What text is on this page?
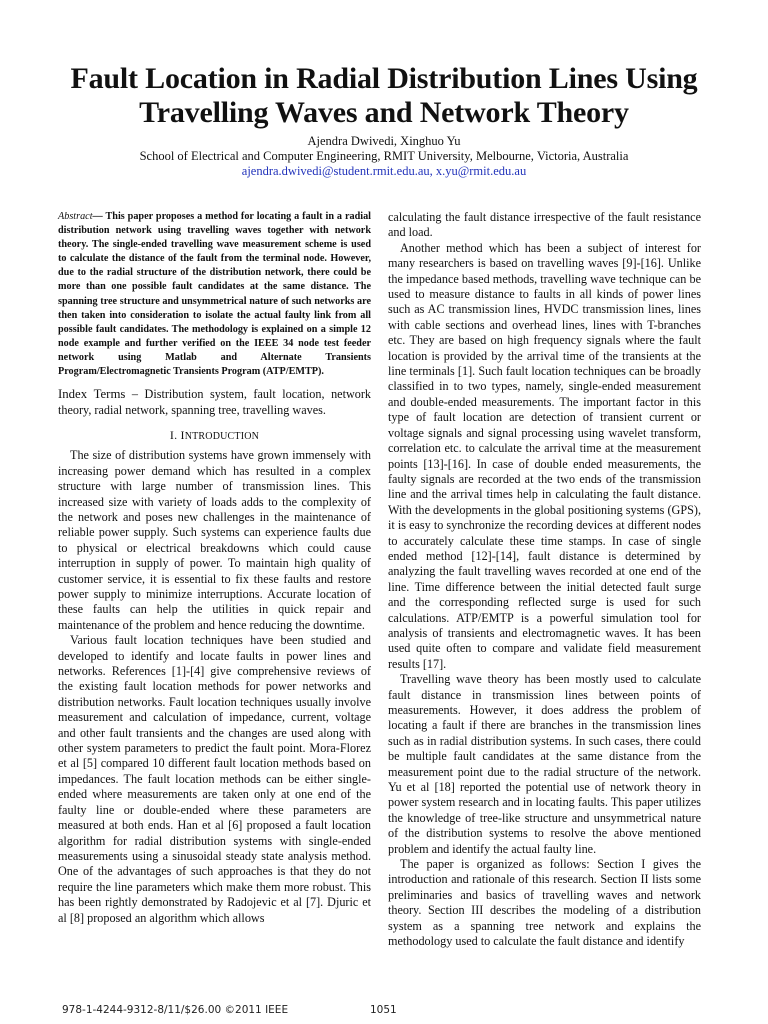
Fault Location in Radial Distribution Lines Using
Travelling Waves and Network Theory
Ajendra Dwivedi, Xinghuo Yu
School of Electrical and Computer Engineering, RMIT University, Melbourne, Victoria, Australia
ajendra.dwivedi@student.rmit.edu.au, x.yu@rmit.edu.au
Abstract— This paper proposes a method for locating a fault in a radial distribution network using travelling waves together with network theory. The single-ended travelling wave measurement scheme is used to calculate the distance of the fault from the terminal node. However, due to the radial structure of the distribution network, there could be more than one possible fault candidates at the same distance. The spanning tree structure and unsymmetrical nature of such networks are then taken into consideration to isolate the actual faulty link from all possible fault candidates. The methodology is explained on a simple 12 node example and further verified on the IEEE 34 node test feeder network using Matlab and Alternate Transients Program/Electromagnetic Transients Program (ATP/EMTP).
Index Terms – Distribution system, fault location, network theory, radial network, spanning tree, travelling waves.
I. INTRODUCTION

The size of distribution systems have grown immensely with increasing power demand which has resulted in a complex structure with large number of transmission lines. This increased size with variety of loads adds to the complexity of the network and poses new challenges in the maintenance of reliable power supply. Such systems can experience faults due to physical or electrical breakdowns which could cause interruption in supply of power. To maintain high quality of customer service, it is essential to fix these faults and restore power supply to minimize interruptions. Accurate location of these faults can help the utilities in quick repair and maintenance of the problem and hence reducing the downtime.

Various fault location techniques have been studied and developed to identify and locate faults in power lines and networks. References [1]-[4] give comprehensive reviews of the existing fault location methods for power networks and distribution networks. Fault location techniques usually involve measurement and calculation of impedance, current, voltage and other fault transients and the changes are used along with other system parameters to predict the fault point. Mora-Florez et al [5] compared 10 different fault location methods based on impedances. The fault location methods can be either single-ended where measurements are taken only at one end of the faulty line or double-ended where these parameters are measured at both ends. Han et al [6] proposed a fault location algorithm for radial distribution systems with single-ended measurements using a sinusoidal steady state analysis method. One of the advantages of such approaches is that they do not require the line parameters which make them more robust. This has been rightly demonstrated by Radojevic et al [7]. Djuric et al [8] proposed an algorithm which allows

calculating the fault distance irrespective of the fault resistance and load.

Another method which has been a subject of interest for many researchers is based on travelling waves [9]-[16]. Unlike the impedance based methods, travelling wave technique can be used to measure distance to faults in all kinds of power lines such as AC transmission lines, HVDC transmission lines, lines with cable sections and overhead lines, lines with T-branches etc. They are based on high frequency signals where the fault location is provided by the arrival time of the transients at the line terminals [1]. Such fault location techniques can be broadly classified in to two types, namely, single-ended measurement and double-ended measurements. The important factor in this type of fault location are detection of transient current or voltage signals and signal processing using wavelet transform, correlation etc. to calculate the arrival time at the measurement points [13]-[16]. In case of double ended measurements, the faulty signals are recorded at the two ends of the transmission line and the arrival times help in calculating the fault distance. With the developments in the global positioning systems (GPS), it is easy to synchronize the recording devices at different nodes to accurately calculate these time stamps. In case of single ended method [12]-[14], fault distance is determined by analyzing the fault travelling waves recorded at one end of the line. Time difference between the initial detected fault surge and the corresponding reflected surge is used for such calculations. ATP/EMTP is a powerful simulation tool for analysis of transients and electromagnetic waves. It has been used quite often to compare and validate field measurement results [17].

Travelling wave theory has been mostly used to calculate fault distance in transmission lines between points of measurements. However, it does address the problem of locating a fault if there are branches in the transmission lines such as in radial distribution systems. In such cases, there could be multiple fault candidates at the same distance from the measurement point due to the radial structure of the network. Yu et al [18] reported the potential use of network theory in power system research and in locating faults. This paper utilizes the knowledge of tree-like structure and unsymmetrical nature of the distribution systems to resolve the above mentioned problem and identify the actual faulty line.

The paper is organized as follows: Section I gives the introduction and rationale of this research. Section II lists some preliminaries and basics of travelling waves and network theory. Section III describes the modeling of a distribution system as a spanning tree network and explains the methodology used to calculate the fault distance and identify

978-1-4244-9312-8/11/$26.00 ©2011 IEEE	1051
